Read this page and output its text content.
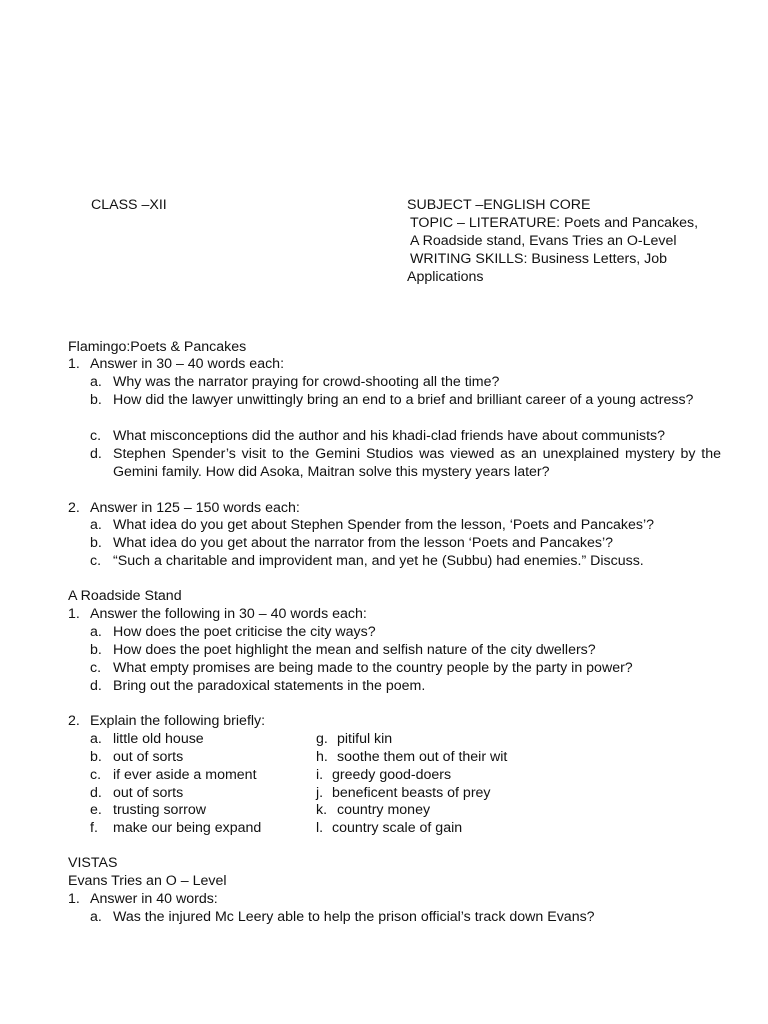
CLASS –XII	SUBJECT –ENGLISH CORE
TOPIC – LITERATURE: Poets and Pancakes,
A Roadside stand, Evans Tries an O-Level
WRITING SKILLS: Business Letters, Job
Applications
Flamingo:Poets & Pancakes
1. Answer in 30 – 40 words each:
a. Why was the narrator praying for crowd-shooting all the time?
b. How did the lawyer unwittingly bring an end to a brief and brilliant career of a young actress?
c. What misconceptions did the author and his khadi-clad friends have about communists?
d. Stephen Spender’s visit to the Gemini Studios was viewed as an unexplained mystery by the Gemini family. How did Asoka, Maitran solve this mystery years later?
2. Answer in 125 – 150 words each:
a. What idea do you get about Stephen Spender from the lesson, ‘Poets and Pancakes’?
b. What idea do you get about the narrator from the lesson ‘Poets and Pancakes’?
c. “Such a charitable and improvident man, and yet he (Subbu) had enemies.” Discuss.
A Roadside Stand
1. Answer the following in 30 – 40 words each:
a. How does the poet criticise the city ways?
b. How does the poet highlight the mean and selfish nature of the city dwellers?
c. What empty promises are being made to the country people by the party in power?
d. Bring out the paradoxical statements in the poem.
2. Explain the following briefly:
a. little old house	g. pitiful kin
b. out of sorts	h. soothe them out of their wit
c. if ever aside a moment	i. greedy good-doers
d. out of sorts	j. beneficent beasts of prey
e. trusting sorrow	k. country money
f. make our being expand	l. country scale of gain
VISTAS
Evans Tries an O – Level
1. Answer in 40 words:
a. Was the injured Mc Leery able to help the prison official’s track down Evans?
